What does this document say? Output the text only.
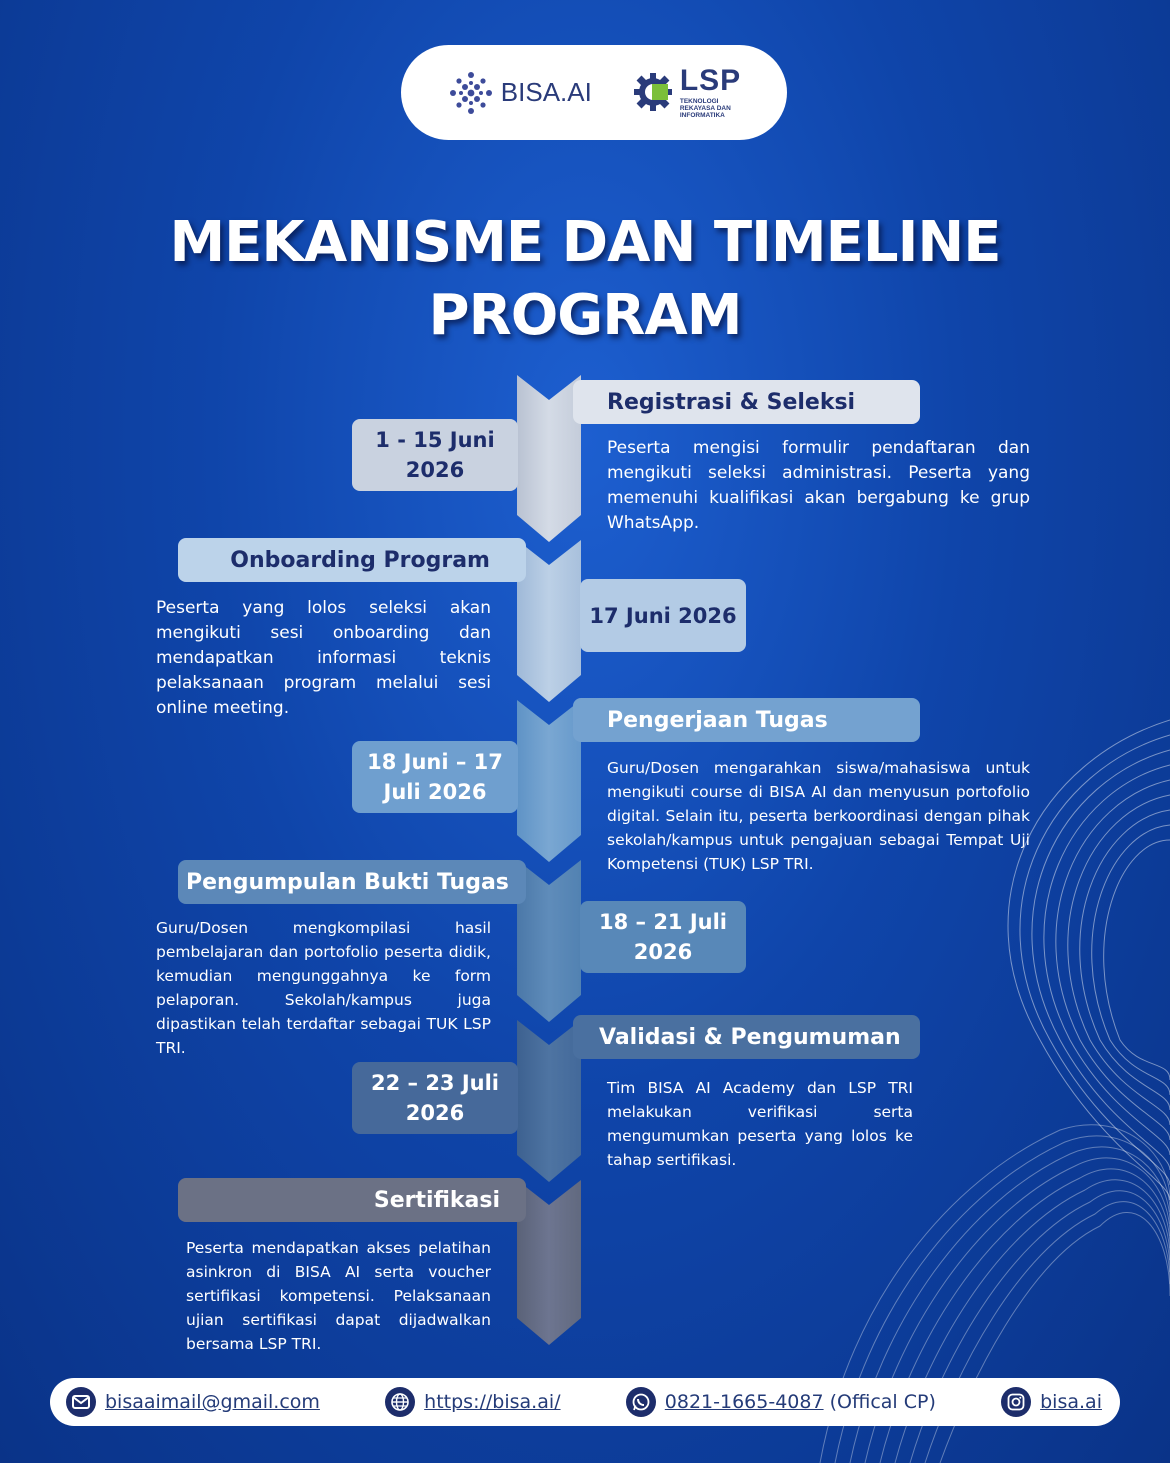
BISA.AI	LSP
TEKNOLOGI REKAYASA DAN INFORMATIKA
MEKANISME DAN TIMELINE
PROGRAM
Registrasi & Seleksi
1 - 15 Juni
2026
Peserta mengisi formulir pendaftaran dan mengikuti seleksi administrasi. Peserta yang memenuhi kualifikasi akan bergabung ke grup WhatsApp.
Onboarding Program
17 Juni 2026
Peserta yang lolos seleksi akan mengikuti sesi onboarding dan mendapatkan informasi teknis pelaksanaan program melalui sesi online meeting.	Pengerjaan Tugas
18 Juni – 17
Juli 2026
Guru/Dosen mengarahkan siswa/mahasiswa untuk mengikuti course di BISA AI dan menyusun portofolio digital. Selain itu, peserta berkoordinasi dengan pihak sekolah/kampus untuk pengajuan sebagai Tempat Uji Kompetensi (TUK) LSP TRI.
Pengumpulan Bukti Tugas
18 – 21 Juli
2026
Guru/Dosen mengkompilasi hasil pembelajaran dan portofolio peserta didik, kemudian mengunggahnya ke form pelaporan. Sekolah/kampus juga dipastikan telah terdaftar sebagai TUK LSP TRI.	Validasi & Pengumuman
22 – 23 Juli
2026
Tim BISA AI Academy dan LSP TRI melakukan verifikasi serta mengumumkan peserta yang lolos ke tahap sertifikasi.
Sertifikasi
Peserta mendapatkan akses pelatihan asinkron di BISA AI serta voucher sertifikasi kompetensi. Pelaksanaan ujian sertifikasi dapat dijadwalkan bersama LSP TRI.
bisaaimail@gmail.com	https://bisa.ai/	0821-1665-4087 (Offical CP)	bisa.ai
